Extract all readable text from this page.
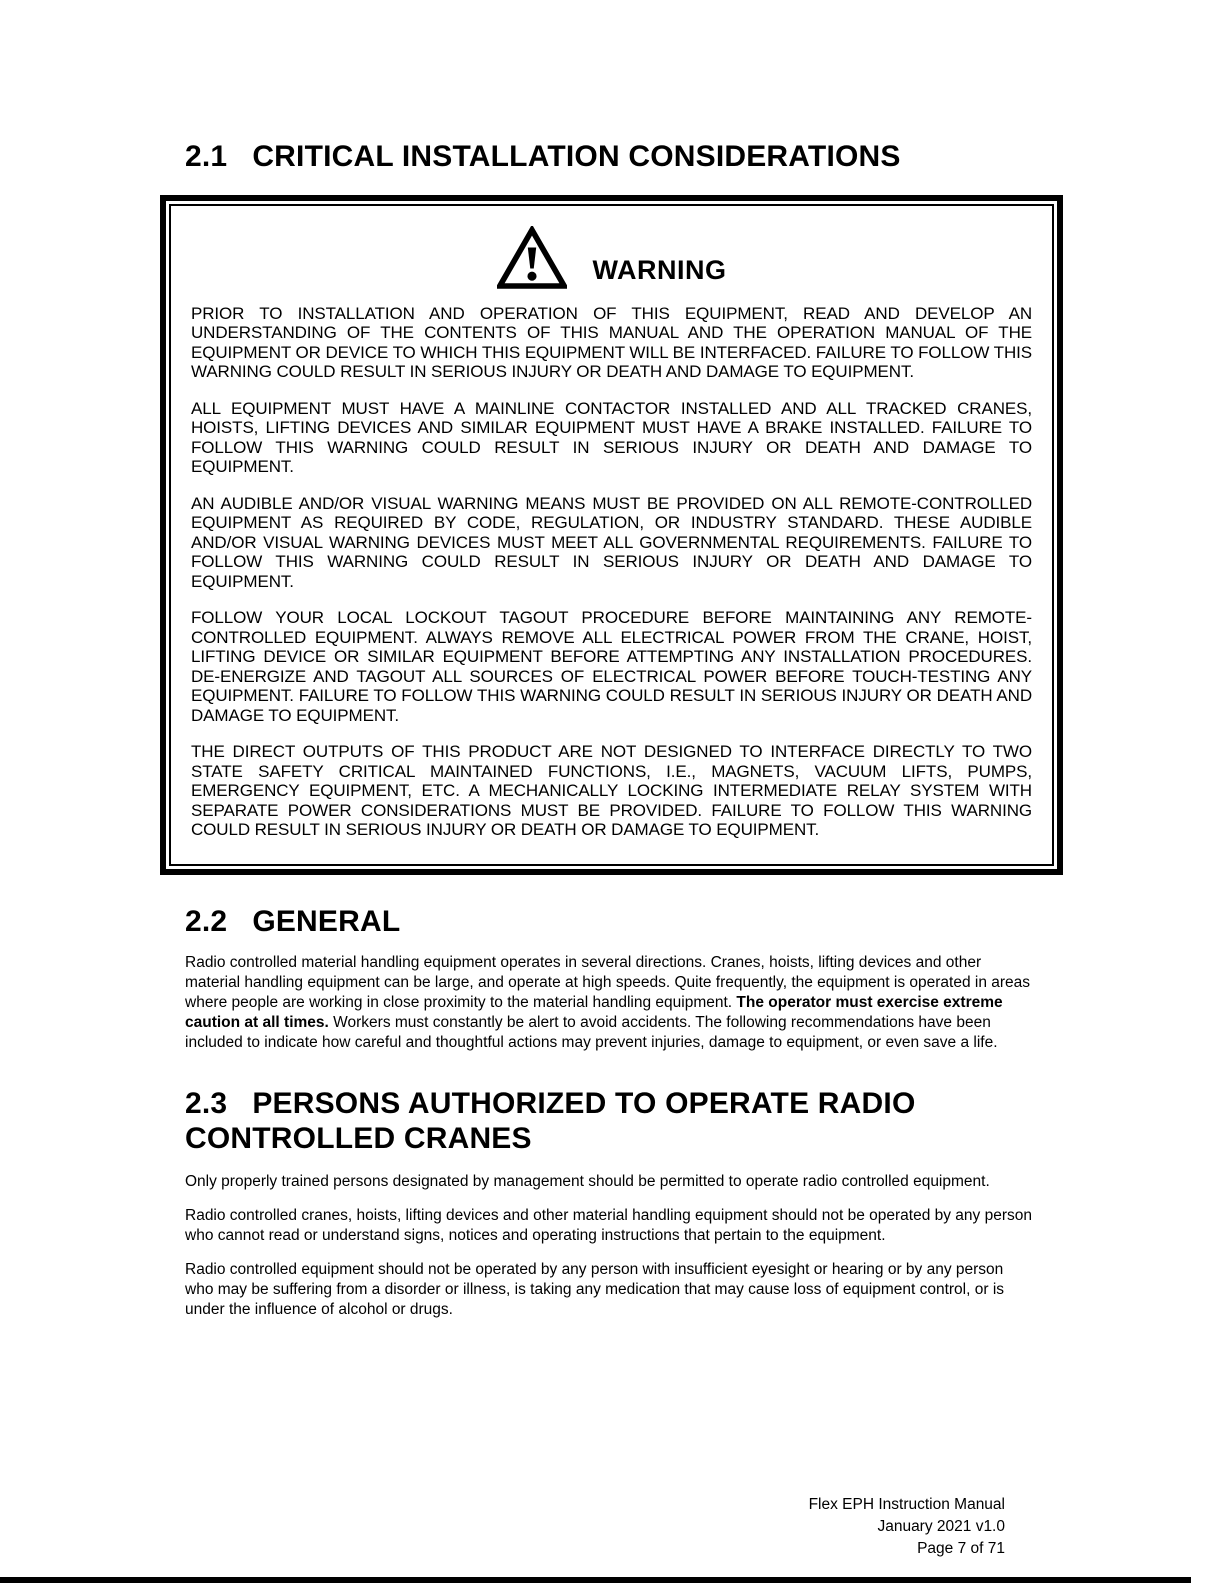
2.1 CRITICAL INSTALLATION CONSIDERATIONS
WARNING

PRIOR TO INSTALLATION AND OPERATION OF THIS EQUIPMENT, READ AND DEVELOP AN UNDERSTANDING OF THE CONTENTS OF THIS MANUAL AND THE OPERATION MANUAL OF THE EQUIPMENT OR DEVICE TO WHICH THIS EQUIPMENT WILL BE INTERFACED. FAILURE TO FOLLOW THIS WARNING COULD RESULT IN SERIOUS INJURY OR DEATH AND DAMAGE TO EQUIPMENT.

ALL EQUIPMENT MUST HAVE A MAINLINE CONTACTOR INSTALLED AND ALL TRACKED CRANES, HOISTS, LIFTING DEVICES AND SIMILAR EQUIPMENT MUST HAVE A BRAKE INSTALLED. FAILURE TO FOLLOW THIS WARNING COULD RESULT IN SERIOUS INJURY OR DEATH AND DAMAGE TO EQUIPMENT.

AN AUDIBLE AND/OR VISUAL WARNING MEANS MUST BE PROVIDED ON ALL REMOTE-CONTROLLED EQUIPMENT AS REQUIRED BY CODE, REGULATION, OR INDUSTRY STANDARD. THESE AUDIBLE AND/OR VISUAL WARNING DEVICES MUST MEET ALL GOVERNMENTAL REQUIREMENTS. FAILURE TO FOLLOW THIS WARNING COULD RESULT IN SERIOUS INJURY OR DEATH AND DAMAGE TO EQUIPMENT.

FOLLOW YOUR LOCAL LOCKOUT TAGOUT PROCEDURE BEFORE MAINTAINING ANY REMOTE-CONTROLLED EQUIPMENT. ALWAYS REMOVE ALL ELECTRICAL POWER FROM THE CRANE, HOIST, LIFTING DEVICE OR SIMILAR EQUIPMENT BEFORE ATTEMPTING ANY INSTALLATION PROCEDURES. DE-ENERGIZE AND TAGOUT ALL SOURCES OF ELECTRICAL POWER BEFORE TOUCH-TESTING ANY EQUIPMENT. FAILURE TO FOLLOW THIS WARNING COULD RESULT IN SERIOUS INJURY OR DEATH AND DAMAGE TO EQUIPMENT.

THE DIRECT OUTPUTS OF THIS PRODUCT ARE NOT DESIGNED TO INTERFACE DIRECTLY TO TWO STATE SAFETY CRITICAL MAINTAINED FUNCTIONS, I.E., MAGNETS, VACUUM LIFTS, PUMPS, EMERGENCY EQUIPMENT, ETC. A MECHANICALLY LOCKING INTERMEDIATE RELAY SYSTEM WITH SEPARATE POWER CONSIDERATIONS MUST BE PROVIDED. FAILURE TO FOLLOW THIS WARNING COULD RESULT IN SERIOUS INJURY OR DEATH OR DAMAGE TO EQUIPMENT.

2.2 GENERAL

Radio controlled material handling equipment operates in several directions. Cranes, hoists, lifting devices and other material handling equipment can be large, and operate at high speeds. Quite frequently, the equipment is operated in areas where people are working in close proximity to the material handling equipment. The operator must exercise extreme caution at all times. Workers must constantly be alert to avoid accidents. The following recommendations have been included to indicate how careful and thoughtful actions may prevent injuries, damage to equipment, or even save a life.

2.3 PERSONS AUTHORIZED TO OPERATE RADIO CONTROLLED CRANES

Only properly trained persons designated by management should be permitted to operate radio controlled equipment.

Radio controlled cranes, hoists, lifting devices and other material handling equipment should not be operated by any person who cannot read or understand signs, notices and operating instructions that pertain to the equipment.

Radio controlled equipment should not be operated by any person with insufficient eyesight or hearing or by any person who may be suffering from a disorder or illness, is taking any medication that may cause loss of equipment control, or is under the influence of alcohol or drugs.

Flex EPH Instruction Manual
January 2021 v1.0
Page 7 of 71
